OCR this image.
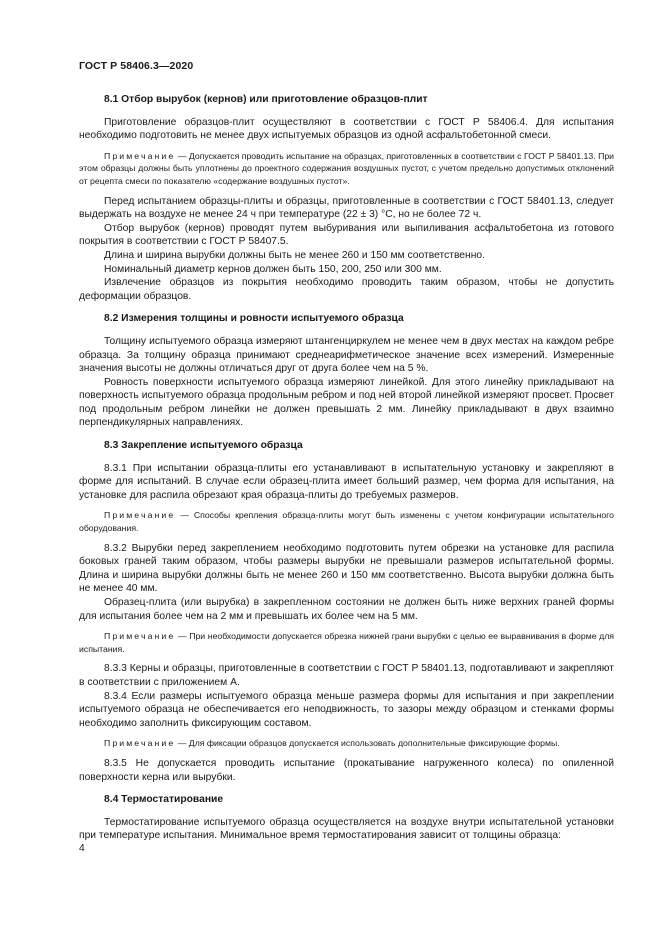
ГОСТ Р 58406.3—2020
8.1 Отбор вырубок (кернов) или приготовление образцов-плит

Приготовление образцов-плит осуществляют в соответствии с ГОСТ Р 58406.4. Для испытания необходимо подготовить не менее двух испытуемых образцов из одной асфальтобетонной смеси.

Примечание — Допускается проводить испытание на образцах, приготовленных в соответствии с ГОСТ Р 58401.13. При этом образцы должны быть уплотнены до проектного содержания воздушных пустот, с учетом предельно допустимых отклонений от рецепта смеси по показателю «содержание воздушных пустот».

Перед испытанием образцы-плиты и образцы, приготовленные в соответствии с ГОСТ 58401.13, следует выдержать на воздухе не менее 24 ч при температуре (22 ± 3) °С, но не более 72 ч.

Отбор вырубок (кернов) проводят путем выбуривания или выпиливания асфальтобетона из готового покрытия в соответствии с ГОСТ Р 58407.5.

Длина и ширина вырубки должны быть не менее 260 и 150 мм соответственно.

Номинальный диаметр кернов должен быть 150, 200, 250 или 300 мм.

Извлечение образцов из покрытия необходимо проводить таким образом, чтобы не допустить деформации образцов.

8.2 Измерения толщины и ровности испытуемого образца

Толщину испытуемого образца измеряют штангенциркулем не менее чем в двух местах на каждом ребре образца. За толщину образца принимают среднеарифметическое значение всех измерений. Измеренные значения высоты не должны отличаться друг от друга более чем на 5 %.

Ровность поверхности испытуемого образца измеряют линейкой. Для этого линейку прикладывают на поверхность испытуемого образца продольным ребром и под ней второй линейкой измеряют просвет. Просвет под продольным ребром линейки не должен превышать 2 мм. Линейку прикладывают в двух взаимно перпендикулярных направлениях.

8.3 Закрепление испытуемого образца

8.3.1 При испытании образца-плиты его устанавливают в испытательную установку и закрепляют в форме для испытаний. В случае если образец-плита имеет больший размер, чем форма для испытания, на установке для распила обрезают края образца-плиты до требуемых размеров.

Примечание — Способы крепления образца-плиты могут быть изменены с учетом конфигурации испытательного оборудования.

8.3.2 Вырубки перед закреплением необходимо подготовить путем обрезки на установке для распила боковых граней таким образом, чтобы размеры вырубки не превышали размеров испытательной формы. Длина и ширина вырубки должны быть не менее 260 и 150 мм соответственно. Высота вырубки должна быть не менее 40 мм.

Образец-плита (или вырубка) в закрепленном состоянии не должен быть ниже верхних граней формы для испытания более чем на 2 мм и превышать их более чем на 5 мм.

Примечание — При необходимости допускается обрезка нижней грани вырубки с целью ее выравнивания в форме для испытания.

8.3.3 Керны и образцы, приготовленные в соответствии с ГОСТ Р 58401.13, подготавливают и закрепляют в соответствии с приложением А.

8.3.4 Если размеры испытуемого образца меньше размера формы для испытания и при закреплении испытуемого образца не обеспечивается его неподвижность, то зазоры между образцом и стенками формы необходимо заполнить фиксирующим составом.

Примечание — Для фиксации образцов допускается использовать дополнительные фиксирующие формы.

8.3.5 Не допускается проводить испытание (прокатывание нагруженного колеса) по опиленной поверхности керна или вырубки.

8.4 Термостатирование

Термостатирование испытуемого образца осуществляется на воздухе внутри испытательной установки при температуре испытания. Минимальное время термостатирования зависит от толщины образца:

4
